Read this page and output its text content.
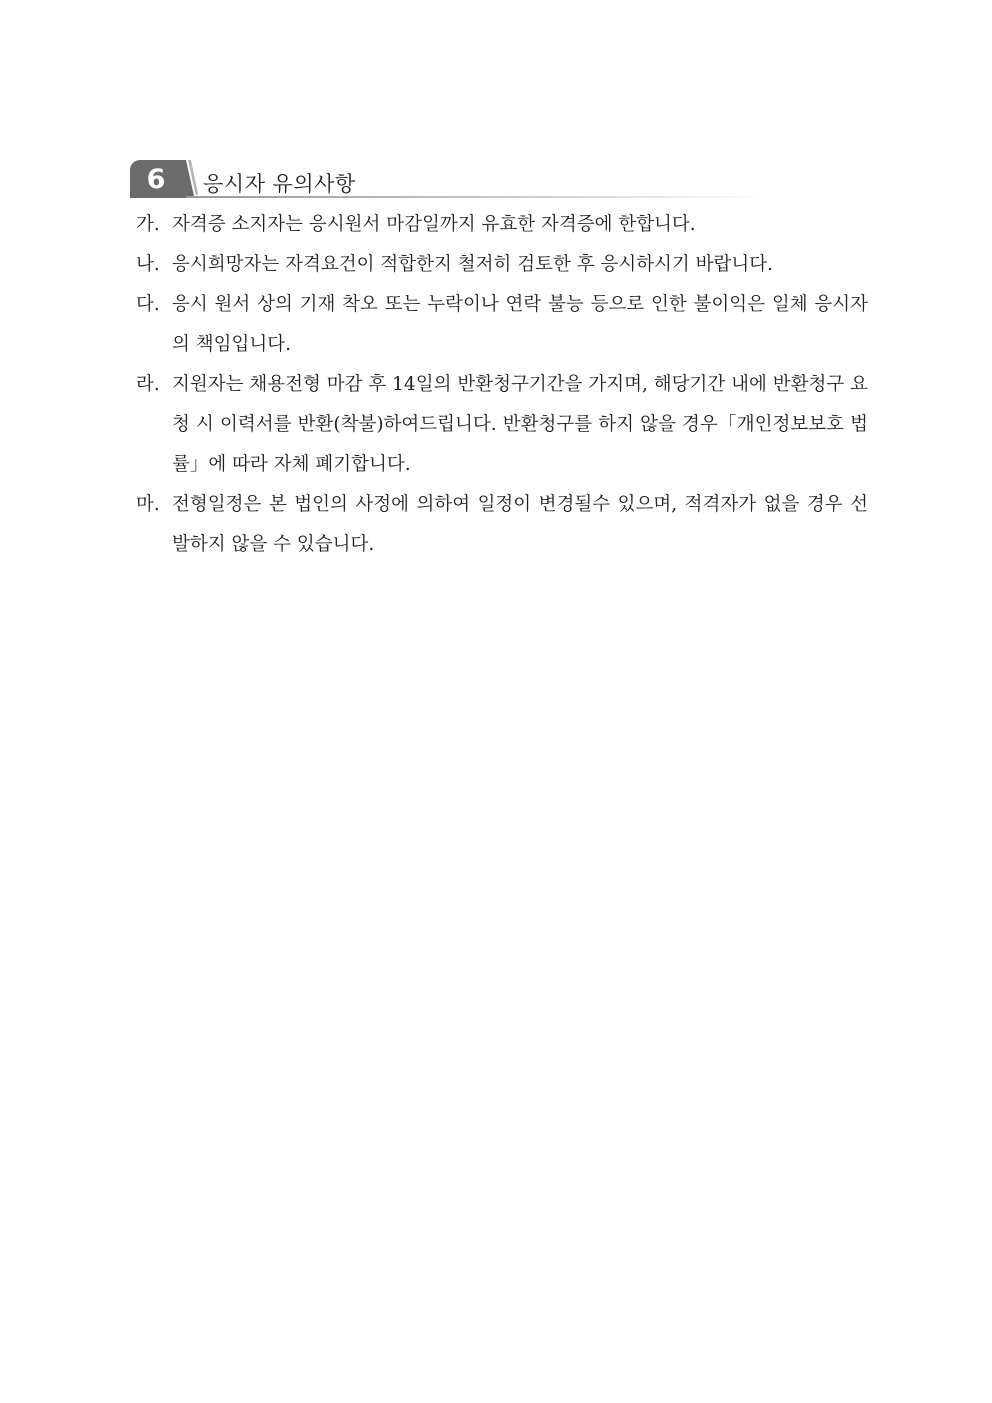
6	응시자 유의사항
가. 자격증 소지자는 응시원서 마감일까지 유효한 자격증에 한합니다.
나. 응시희망자는 자격요건이 적합한지 철저히 검토한 후 응시하시기 바랍니다.
다. 응시 원서 상의 기재 착오 또는 누락이나 연락 불능 등으로 인한 불이익은 일체 응시자의 책임입니다.
라. 지원자는 채용전형 마감 후 14일의 반환청구기간을 가지며, 해당기간 내에 반환청구 요청 시 이력서를 반환(착불)하여드립니다. 반환청구를 하지 않을 경우「개인정보보호 법률」에 따라 자체 폐기합니다.
마. 전형일정은 본 법인의 사정에 의하여 일정이 변경될수 있으며, 적격자가 없을 경우 선발하지 않을 수 있습니다.
